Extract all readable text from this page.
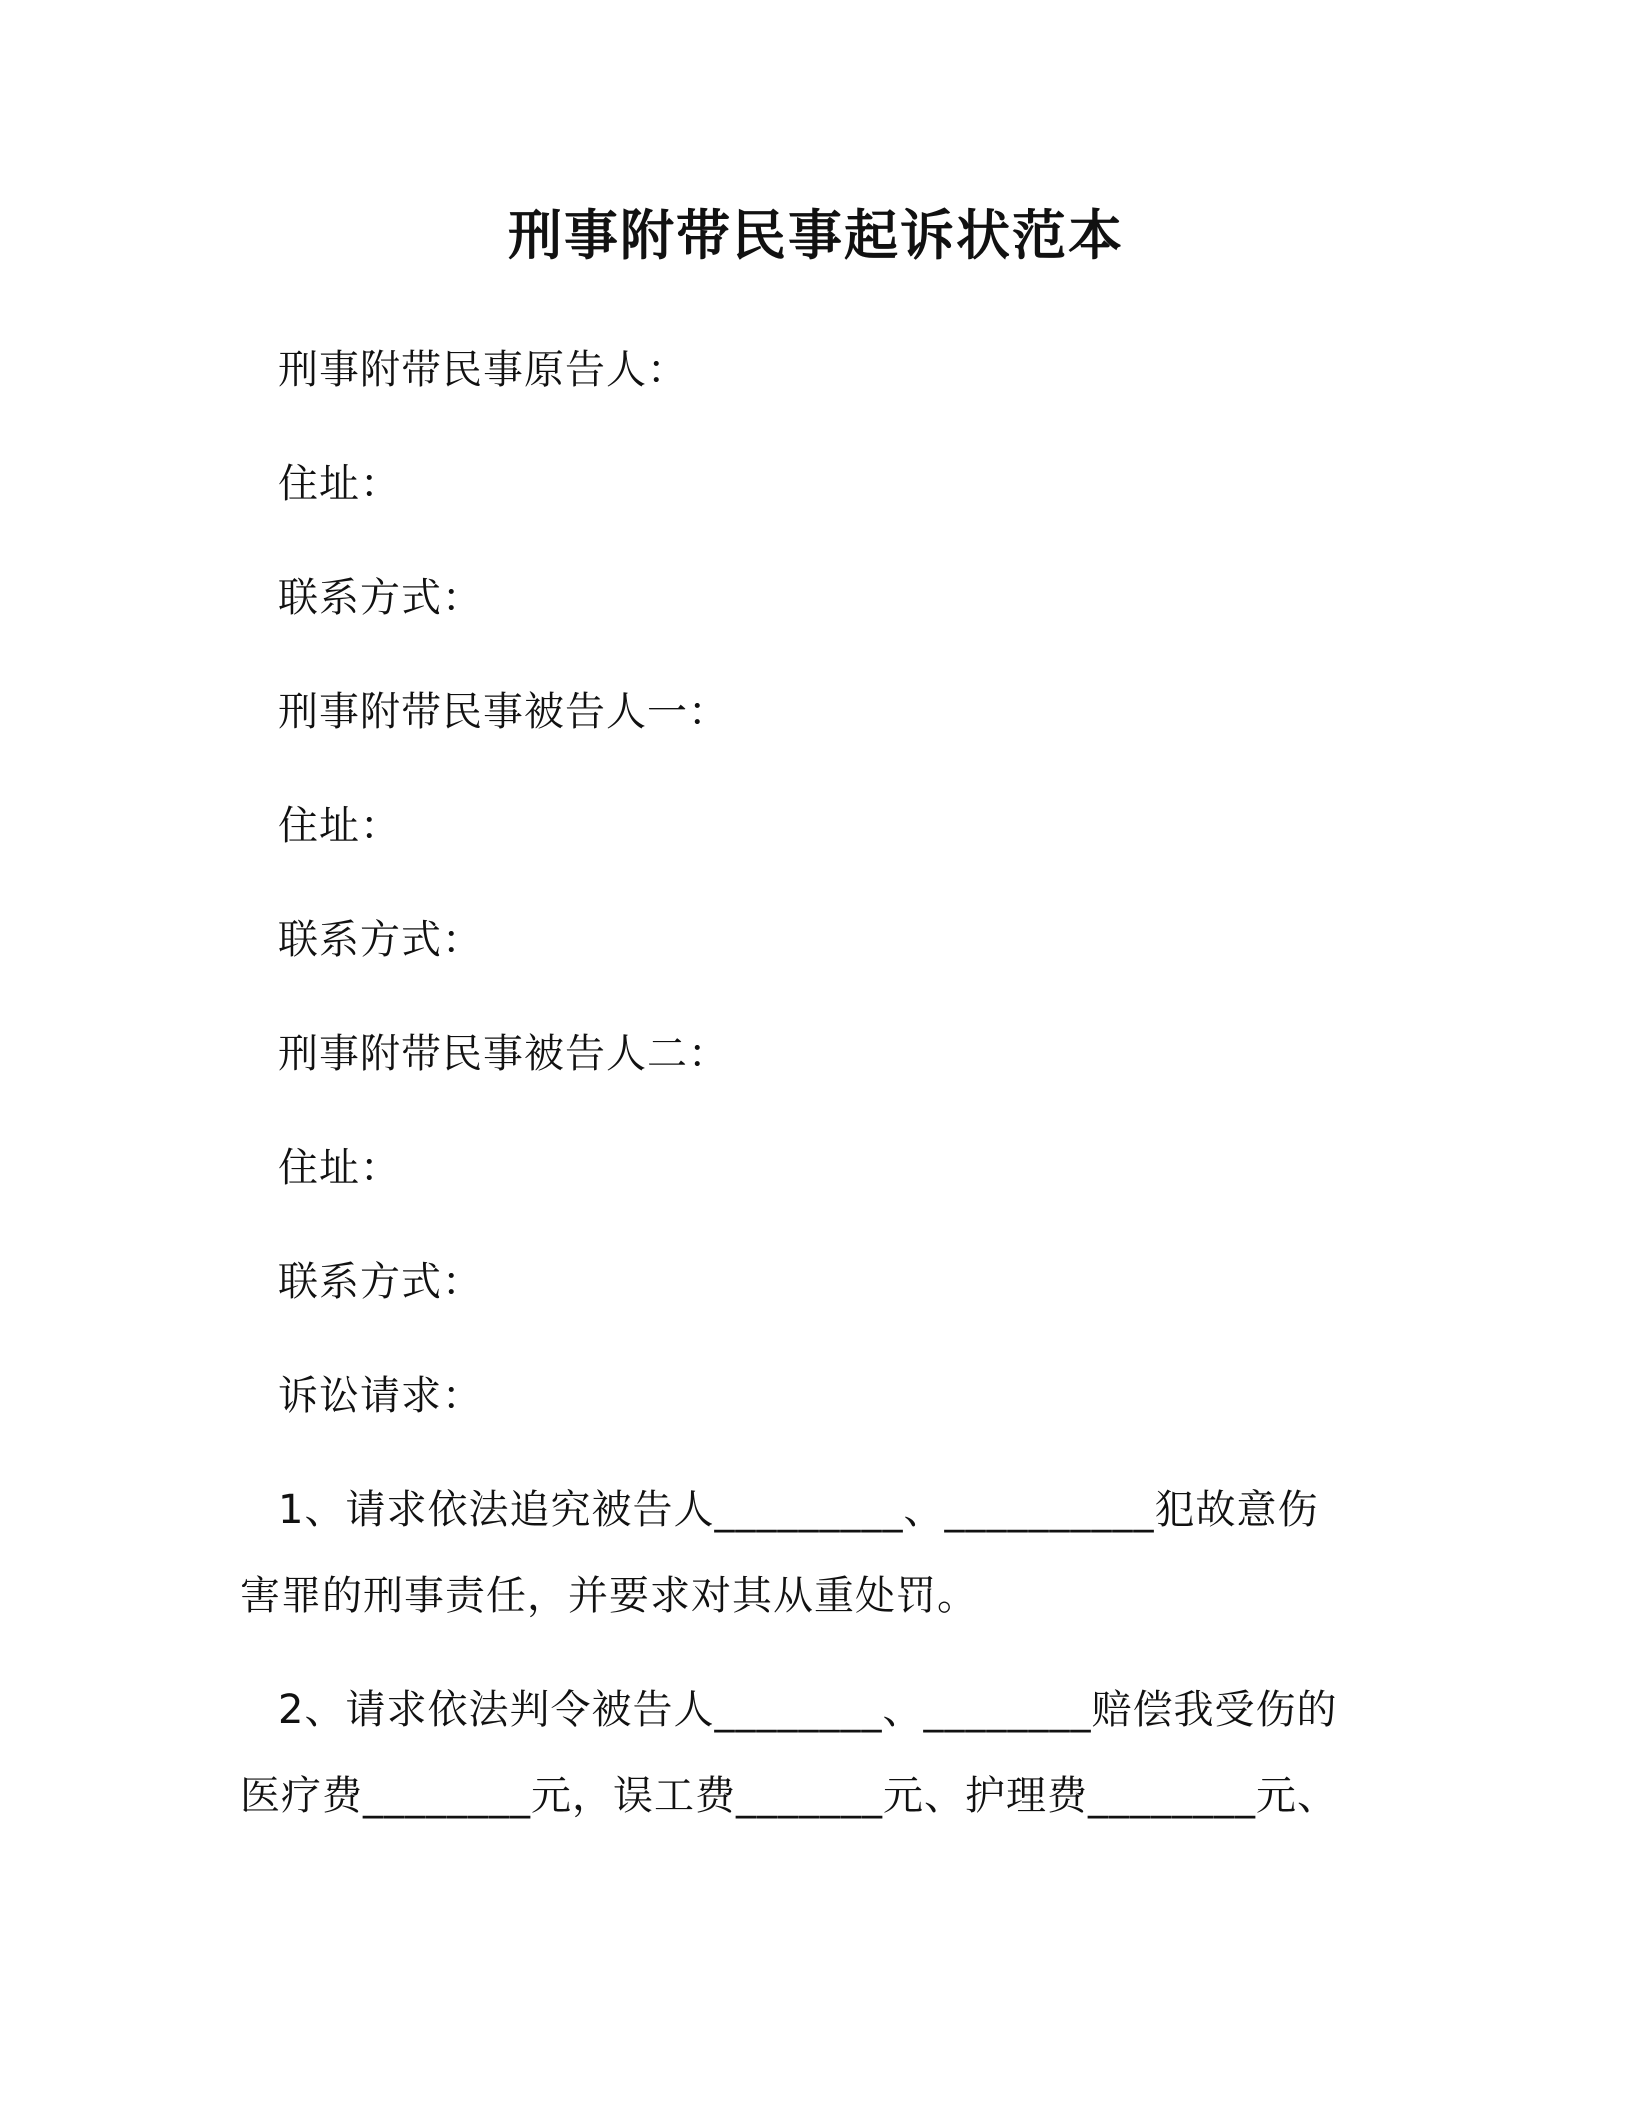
刑事附带民事起诉状范本
刑事附带民事原告人：
住址：
联系方式：
刑事附带民事被告人一：
住址：
联系方式：
刑事附带民事被告人二：
住址：
联系方式：
诉讼请求：
1、请求依法追究被告人_________、__________犯故意伤
害罪的刑事责任，并要求对其从重处罚。
2、请求依法判令被告人________、________赔偿我受伤的
医疗费________元，误工费_______元、护理费________元、
